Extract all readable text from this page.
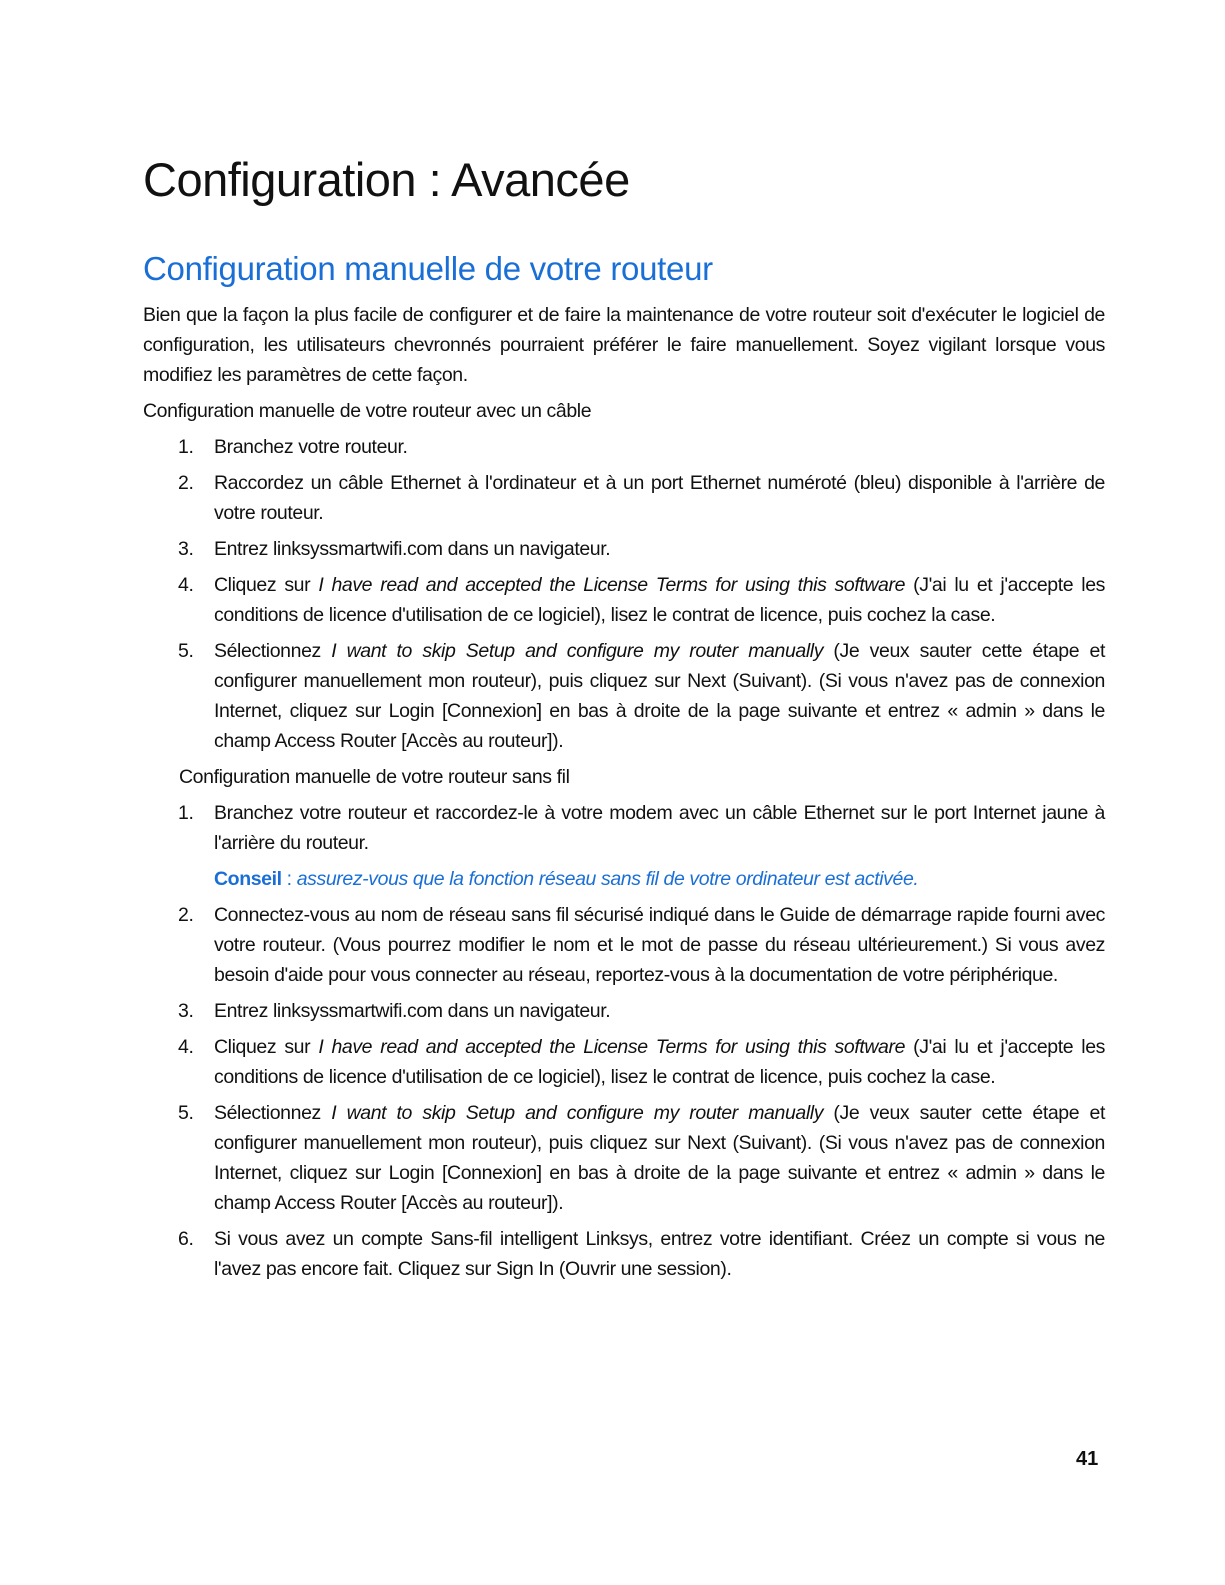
Configuration : Avancée
Configuration manuelle de votre routeur

Bien que la façon la plus facile de configurer et de faire la maintenance de votre routeur soit d'exécuter le logiciel de configuration, les utilisateurs chevronnés pourraient préférer le faire manuellement. Soyez vigilant lorsque vous modifiez les paramètres de cette façon.

Configuration manuelle de votre routeur avec un câble

1. Branchez votre routeur.
2. Raccordez un câble Ethernet à l'ordinateur et à un port Ethernet numéroté (bleu) disponible à l'arrière de votre routeur.
3. Entrez linksyssmartwifi.com dans un navigateur.
4. Cliquez sur I have read and accepted the License Terms for using this software (J'ai lu et j'accepte les conditions de licence d'utilisation de ce logiciel), lisez le contrat de licence, puis cochez la case.
5. Sélectionnez I want to skip Setup and configure my router manually (Je veux sauter cette étape et configurer manuellement mon routeur), puis cliquez sur Next (Suivant). (Si vous n'avez pas de connexion Internet, cliquez sur Login [Connexion] en bas à droite de la page suivante et entrez « admin » dans le champ Access Router [Accès au routeur]).

Configuration manuelle de votre routeur sans fil

1. Branchez votre routeur et raccordez-le à votre modem avec un câble Ethernet sur le port Internet jaune à l'arrière du routeur.

Conseil : assurez-vous que la fonction réseau sans fil de votre ordinateur est activée.

2. Connectez-vous au nom de réseau sans fil sécurisé indiqué dans le Guide de démarrage rapide fourni avec votre routeur. (Vous pourrez modifier le nom et le mot de passe du réseau ultérieurement.) Si vous avez besoin d'aide pour vous connecter au réseau, reportez-vous à la documentation de votre périphérique.
3. Entrez linksyssmartwifi.com dans un navigateur.
4. Cliquez sur I have read and accepted the License Terms for using this software (J'ai lu et j'accepte les conditions de licence d'utilisation de ce logiciel), lisez le contrat de licence, puis cochez la case.
5. Sélectionnez I want to skip Setup and configure my router manually (Je veux sauter cette étape et configurer manuellement mon routeur), puis cliquez sur Next (Suivant). (Si vous n'avez pas de connexion Internet, cliquez sur Login [Connexion] en bas à droite de la page suivante et entrez « admin » dans le champ Access Router [Accès au routeur]).
6. Si vous avez un compte Sans-fil intelligent Linksys, entrez votre identifiant. Créez un compte si vous ne l'avez pas encore fait. Cliquez sur Sign In (Ouvrir une session).
41
